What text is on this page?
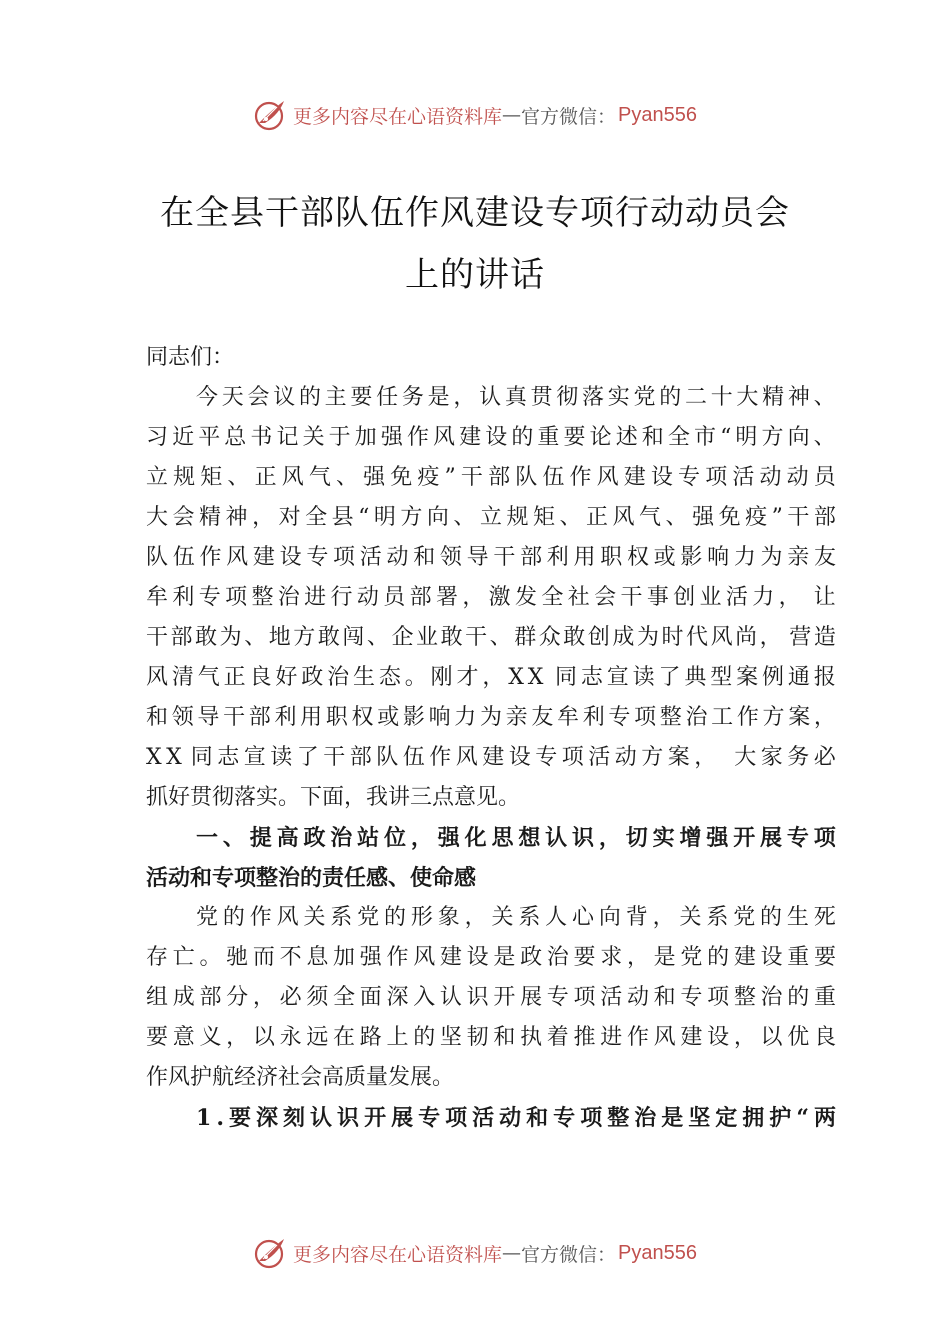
更多内容尽在心语资料库 — 官方微信： Pyan556
在全县干部队伍作风建设专项行动动员会
上的讲话
同志们：
今 天 会 议 的 主 要 任 务 是 ， 认 真 贯 彻 落 实 党 的 二 十 大 精 神 、
习 近 平 总 书 记 关 于 加 强 作 风 建 设 的 重 要 论 述 和 全 市 “ 明 方 向 、
立 规 矩 、 正 风 气 、 强 免 疫 ” 干 部 队 伍 作 风 建 设 专 项 活 动 动 员
大 会 精 神 ， 对 全 县 “ 明 方 向 、 立 规 矩 、 正 风 气 、 强 免 疫 ” 干 部
队 伍 作 风 建 设 专 项 活 动 和 领 导 干 部 利 用 职 权 或 影 响 力 为 亲 友
牟 利 专 项 整 治 进 行 动 员 部 署 ， 激 发 全 社 会 干 事 创 业 活 力 ， 让
干 部 敢 为 、 地 方 敢 闯 、 企 业 敢 干 、 群 众 敢 创 成 为 时 代 风 尚 ， 营 造
风 清 气 正 良 好 政 治 生 态 。 刚 才 ， X X 同 志 宣 读 了 典 型 案 例 通 报
和 领 导 干 部 利 用 职 权 或 影 响 力 为 亲 友 牟 利 专 项 整 治 工 作 方 案 ，
X X 同 志 宣 读 了 干 部 队 伍 作 风 建 设 专 项 活 动 方 案 ， 大 家 务 必
抓好贯彻落实。下面，我讲三点意见。
一 、 提 高 政 治 站 位 ， 强 化 思 想 认 识 ， 切 实 增 强 开 展 专 项
活动和专项整治的责任感、使命感
党 的 作 风 关 系 党 的 形 象 ， 关 系 人 心 向 背 ， 关 系 党 的 生 死
存 亡 。 驰 而 不 息 加 强 作 风 建 设 是 政 治 要 求 ， 是 党 的 建 设 重 要
组 成 部 分 ， 必 须 全 面 深 入 认 识 开 展 专 项 活 动 和 专 项 整 治 的 重
要 意 义 ， 以 永 远 在 路 上 的 坚 韧 和 执 着 推 进 作 风 建 设 ， 以 优 良
作风护航经济社会高质量发展。
1 . 要 深 刻 认 识 开 展 专 项 活 动 和 专 项 整 治 是 坚 定 拥 护 “ 两
更多内容尽在心语资料库 — 官方微信： Pyan556
